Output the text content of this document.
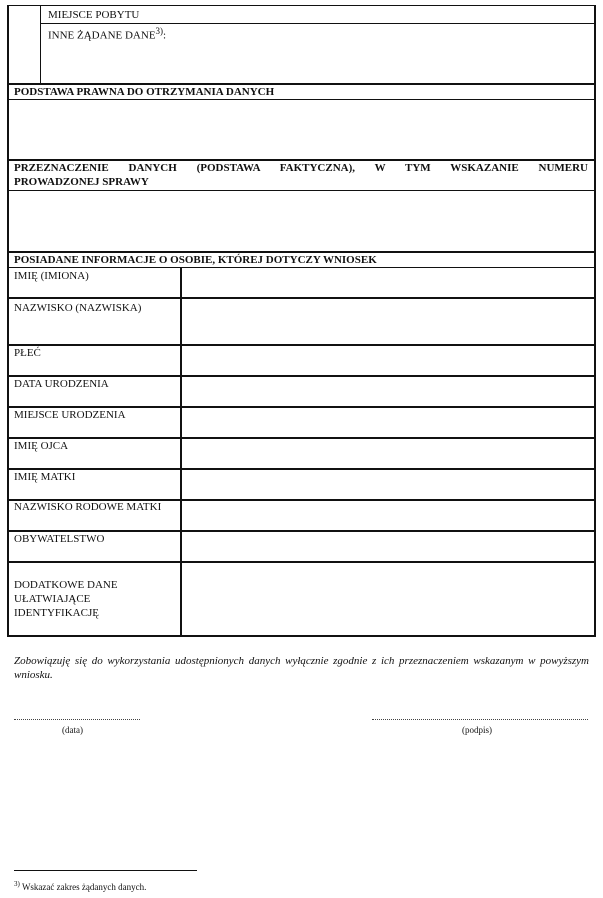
MIEJSCE POBYTU
INNE ŻĄDANE DANE$^{3)}$:
PODSTAWA PRAWNA DO OTRZYMANIA DANYCH
PRZEZNACZENIE DANYCH (PODSTAWA FAKTYCZNA), W TYM WSKAZANIE NUMERU
PROWADZONEJ SPRAWY
POSIADANE INFORMACJE O OSOBIE, KTÓREJ DOTYCZY WNIOSEK
IMIĘ (IMIONA)
NAZWISKO (NAZWISKA)
PŁEĆ
DATA URODZENIA
MIEJSCE URODZENIA
IMIĘ OJCA
IMIĘ MATKI
NAZWISKO RODOWE MATKI
OBYWATELSTWO
DODATKOWE DANE UŁATWIAJĄCE IDENTYFIKACJĘ
Zobowiązuję się do wykorzystania udostępnionych danych wyłącznie zgodnie z ich przeznaczeniem wskazanym w powyższym wniosku.
(data)	(podpis)
$^{3)}$ Wskazać zakres żądanych danych.
